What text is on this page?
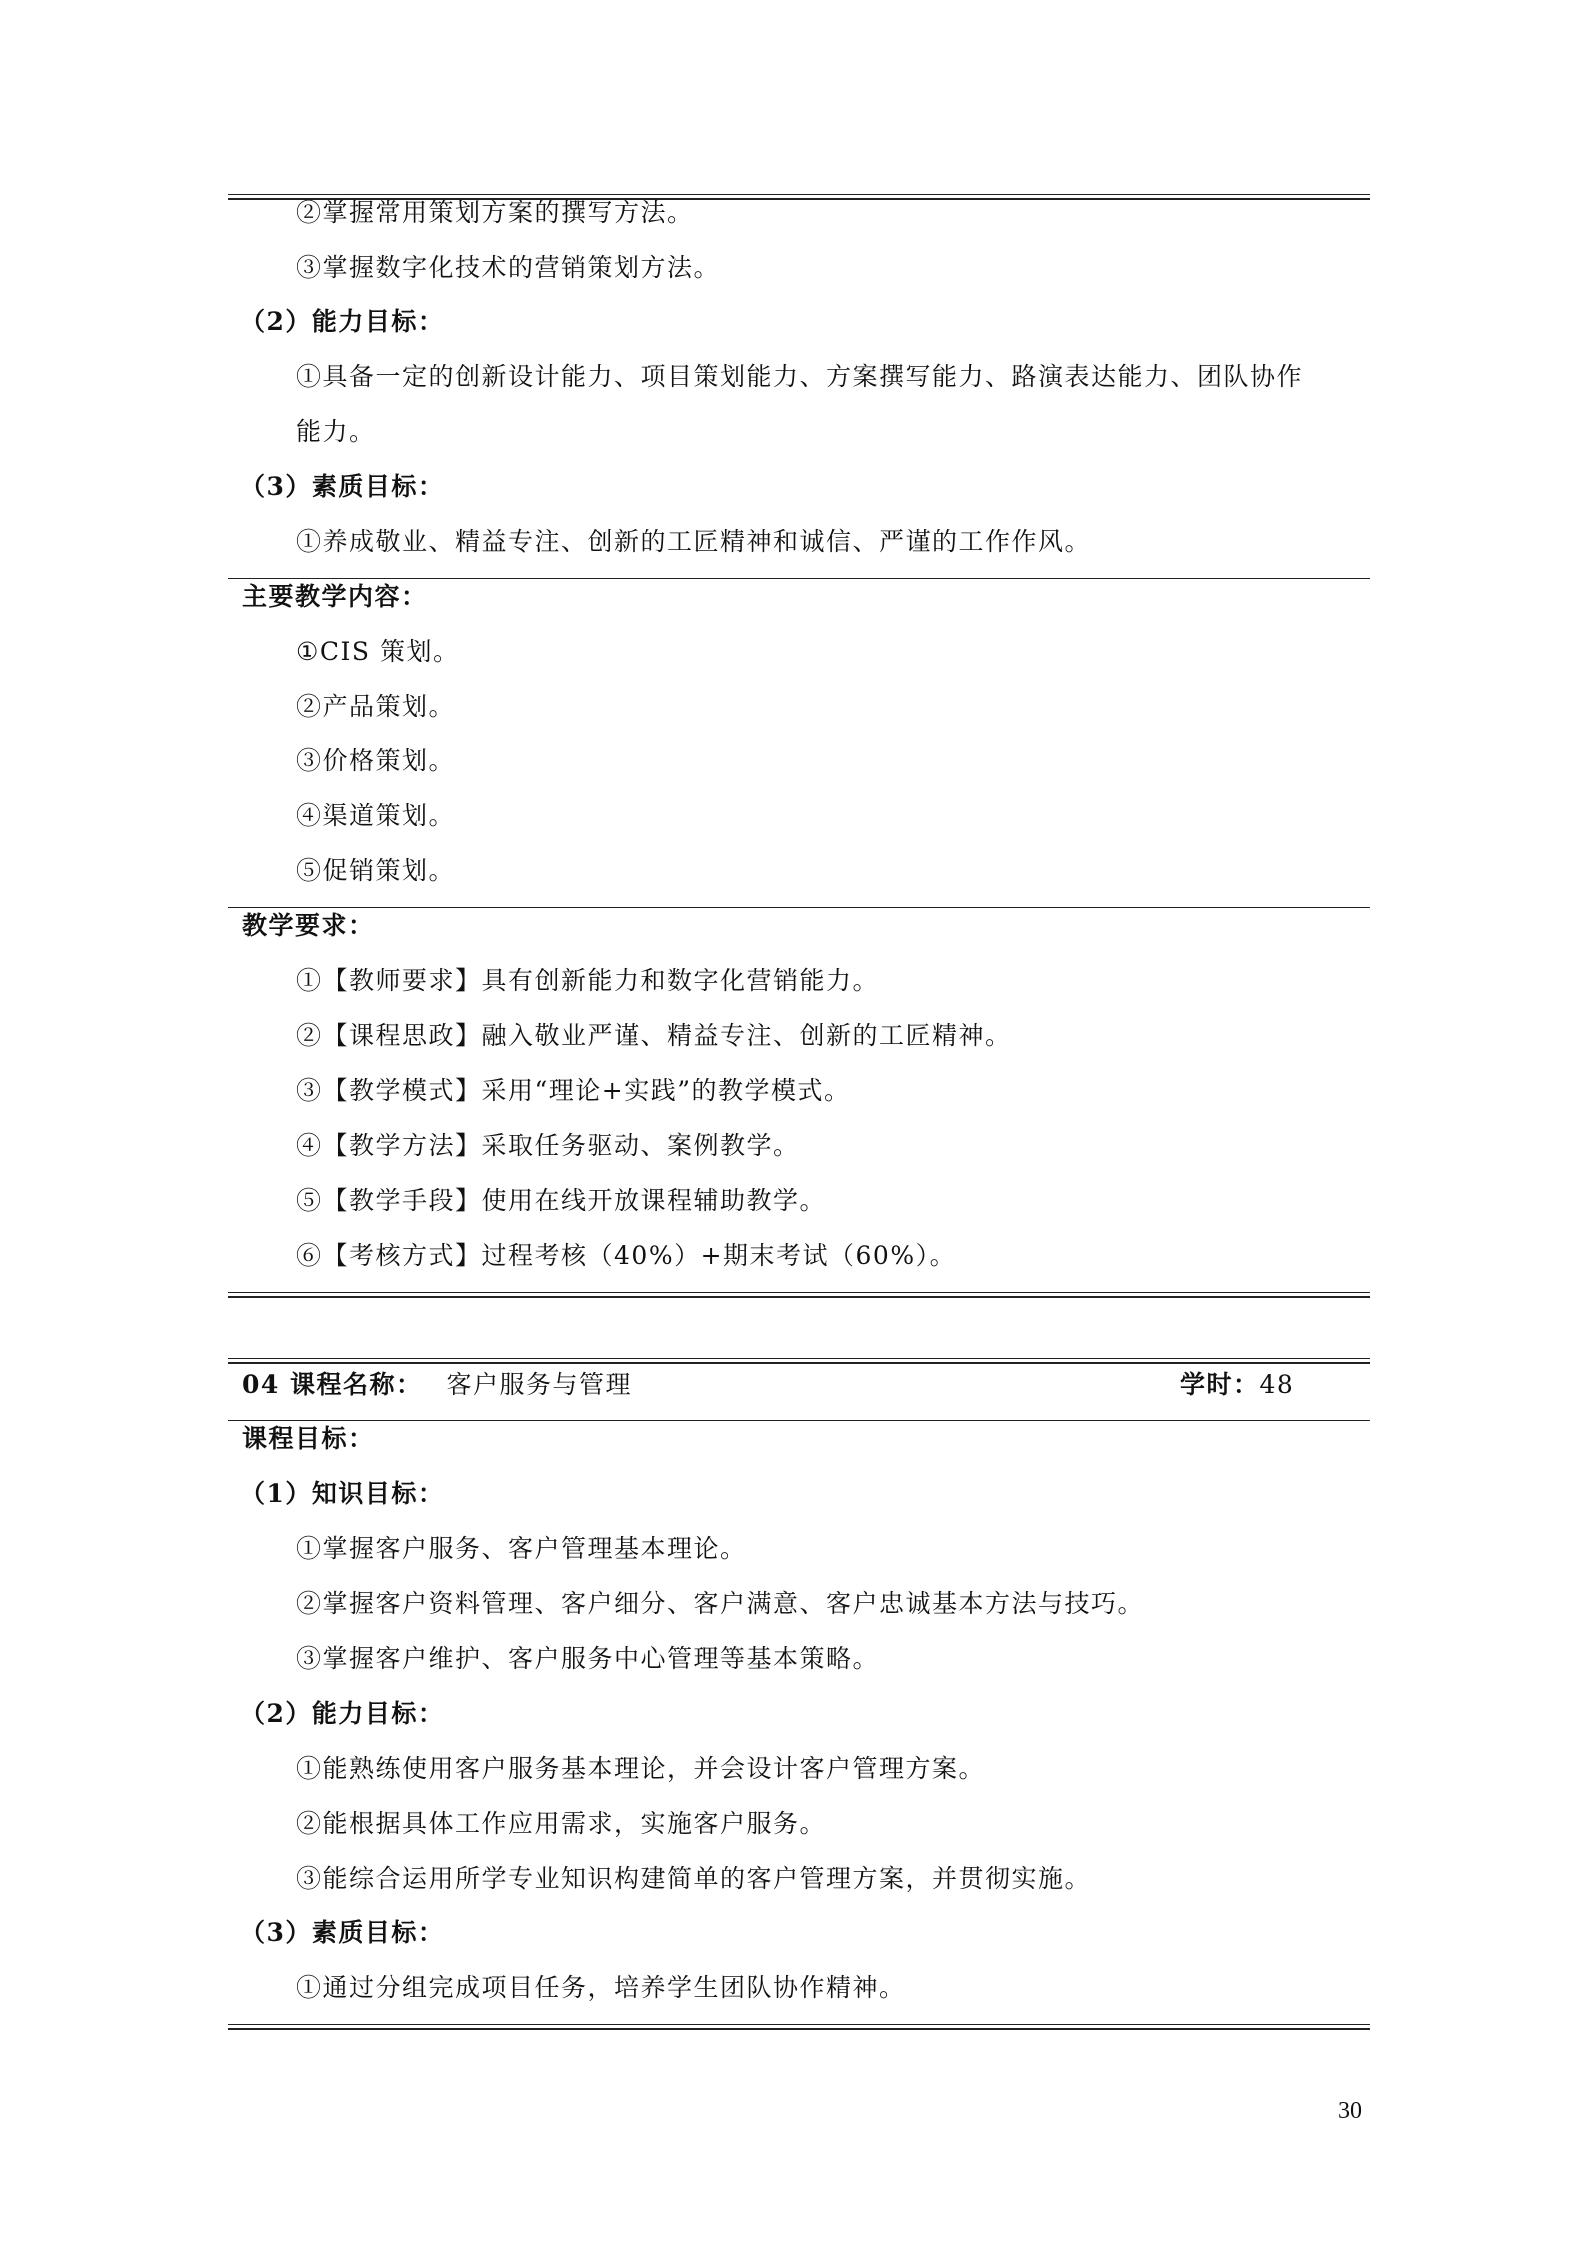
②掌握常用策划方案的撰写方法。
③掌握数字化技术的营销策划方法。
（2）能力目标：
①具备一定的创新设计能力、项目策划能力、方案撰写能力、路演表达能力、团队协作
能力。
（3）素质目标：
①养成敬业、精益专注、创新的工匠精神和诚信、严谨的工作作风。
主要教学内容：
①CIS 策划。
②产品策划。
③价格策划。
④渠道策划。
⑤促销策划。
教学要求：
①【教师要求】具有创新能力和数字化营销能力。
②【课程思政】融入敬业严谨、精益专注、创新的工匠精神。
③【教学模式】采用“理论+实践”的教学模式。
④【教学方法】采取任务驱动、案例教学。
⑤【教学手段】使用在线开放课程辅助教学。
⑥【考核方式】过程考核（40%）+期末考试（60%）。
04 课程名称： 客户服务与管理	学时：48
课程目标：
（1）知识目标：
①掌握客户服务、客户管理基本理论。
②掌握客户资料管理、客户细分、客户满意、客户忠诚基本方法与技巧。
③掌握客户维护、客户服务中心管理等基本策略。
（2）能力目标：
①能熟练使用客户服务基本理论，并会设计客户管理方案。
②能根据具体工作应用需求，实施客户服务。
③能综合运用所学专业知识构建简单的客户管理方案，并贯彻实施。
（3）素质目标：
①通过分组完成项目任务，培养学生团队协作精神。
30
